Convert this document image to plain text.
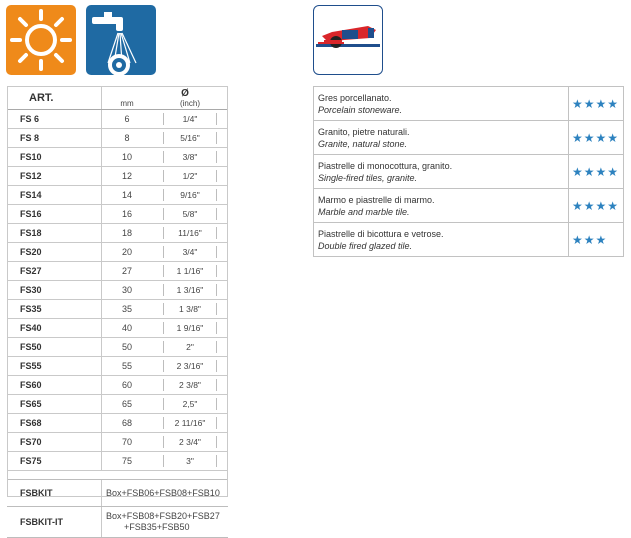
ART.	Ø
mm (inch)	

FS 6	6	1/4"
FS 8	8	5/16"
FS10	10	3/8"
FS12	12	1/2"
FS14	14	9/16"
FS16	16	5/8"
FS18	18	11/16"
FS20	20	3/4"
FS27	27	1 1/16"
FS30	30	1 3/16"
FS35	35	1 3/8"
FS40	40	1 9/16"
FS50	50	2"
FS55	55	2 3/16"
FS60	60	2 3/8"
FS65	65	2,5"
FS68	68	2 11/16"
FS70	70	2 3/4"
FS75	75	3"

FSBKIT	Box+FSB06+FSB08+FSB10	

FSBKIT-IT	Box+FSB08+FSB20+FSB27
+FSB35+FSB50	
Gres porcellanato.
Porcelain stoneware.	★★★★

Granito, pietre naturali.
Granite, natural stone.	★★★★

Piastrelle di monocottura, granito.
Single-fired tiles, granite.	★★★★

Marmo e piastrelle di marmo.
Marble and marble tile.	★★★★

Piastrelle di bicottura e vetrose.
Double fired glazed tile.	★★★
